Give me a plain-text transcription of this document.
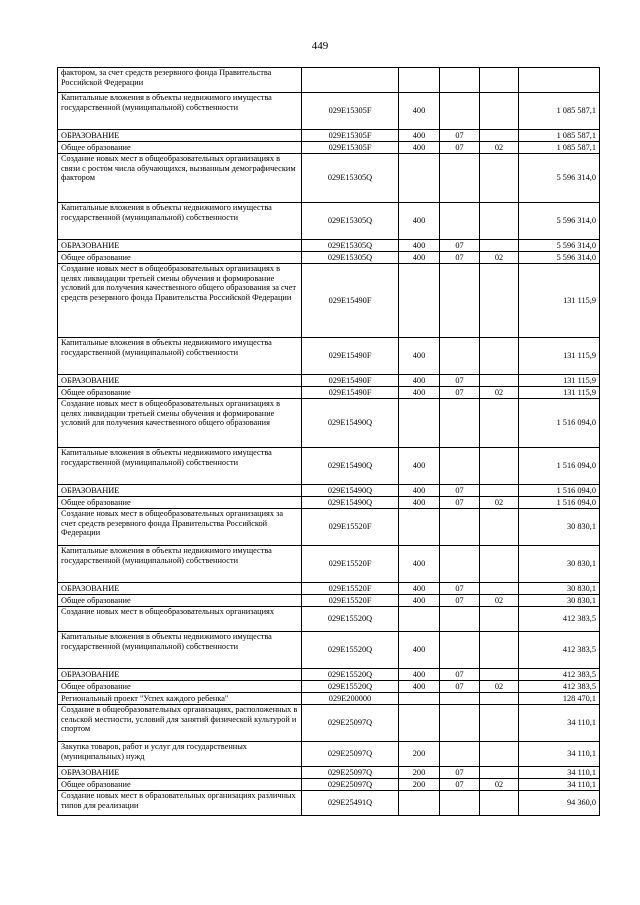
449
фактором, за счет средств резервного фонда Правительства Российской Федерации					
Капитальные вложения в объекты недвижимого имущества государственной (муниципальной) собственности	029E15305F	400			1 085 587,1
ОБРАЗОВАНИЕ	029E15305F	400	07		1 085 587,1
Общее образование	029E15305F	400	07	02	1 085 587,1
Создание новых мест в общеобразовательных организациях в связи с ростом числа обучающихся, вызванным демографическим фактором	029E15305Q				5 596 314,0
Капитальные вложения в объекты недвижимого имущества государственной (муниципальной) собственности	029E15305Q	400			5 596 314,0
ОБРАЗОВАНИЕ	029E15305Q	400	07		5 596 314,0
Общее образование	029E15305Q	400	07	02	5 596 314,0
Создание новых мест в общеобразовательных организациях в целях ликвидации третьей смены обучения и формирование условий для получения качественного общего образования за счет средств резервного фонда Правительства Российской Федерации	029E15490F				131 115,9
Капитальные вложения в объекты недвижимого имущества государственной (муниципальной) собственности	029E15490F	400			131 115,9
ОБРАЗОВАНИЕ	029E15490F	400	07		131 115,9
Общее образование	029E15490F	400	07	02	131 115,9
Создание новых мест в общеобразовательных организациях в целях ликвидации третьей смены обучения и формирование условий для получения качественного общего образования	029E15490Q				1 516 094,0
Капитальные вложения в объекты недвижимого имущества государственной (муниципальной) собственности	029E15490Q	400			1 516 094,0
ОБРАЗОВАНИЕ	029E15490Q	400	07		1 516 094,0
Общее образование	029E15490Q	400	07	02	1 516 094,0
Создание новых мест в общеобразовательных организациях за счет средств резервного фонда Правительства Российской Федерации	029E15520F				30 830,1
Капитальные вложения в объекты недвижимого имущества государственной (муниципальной) собственности	029E15520F	400			30 830,1
ОБРАЗОВАНИЕ	029E15520F	400	07		30 830,1
Общее образование	029E15520F	400	07	02	30 830,1
Создание новых мест в общеобразовательных организациях	029E15520Q				412 383,5
Капитальные вложения в объекты недвижимого имущества государственной (муниципальной) собственности	029E15520Q	400			412 383,5
ОБРАЗОВАНИЕ	029E15520Q	400	07		412 383,5
Общее образование	029E15520Q	400	07	02	412 383,5
Региональный проект "Успех каждого ребенка"	029E200000				128 470,1
Создание в общеобразовательных организациях, расположенных в сельской местности, условий для занятий физической культурой и спортом	029E25097Q				34 110,1
Закупка товаров, работ и услуг для государственных (муниципальных) нужд	029E25097Q	200			34 110,1
ОБРАЗОВАНИЕ	029E25097Q	200	07		34 110,1
Общее образование	029E25097Q	200	07	02	34 110,1
Создание новых мест в образовательных организациях различных типов для реализации	029E25491Q				94 360,0
